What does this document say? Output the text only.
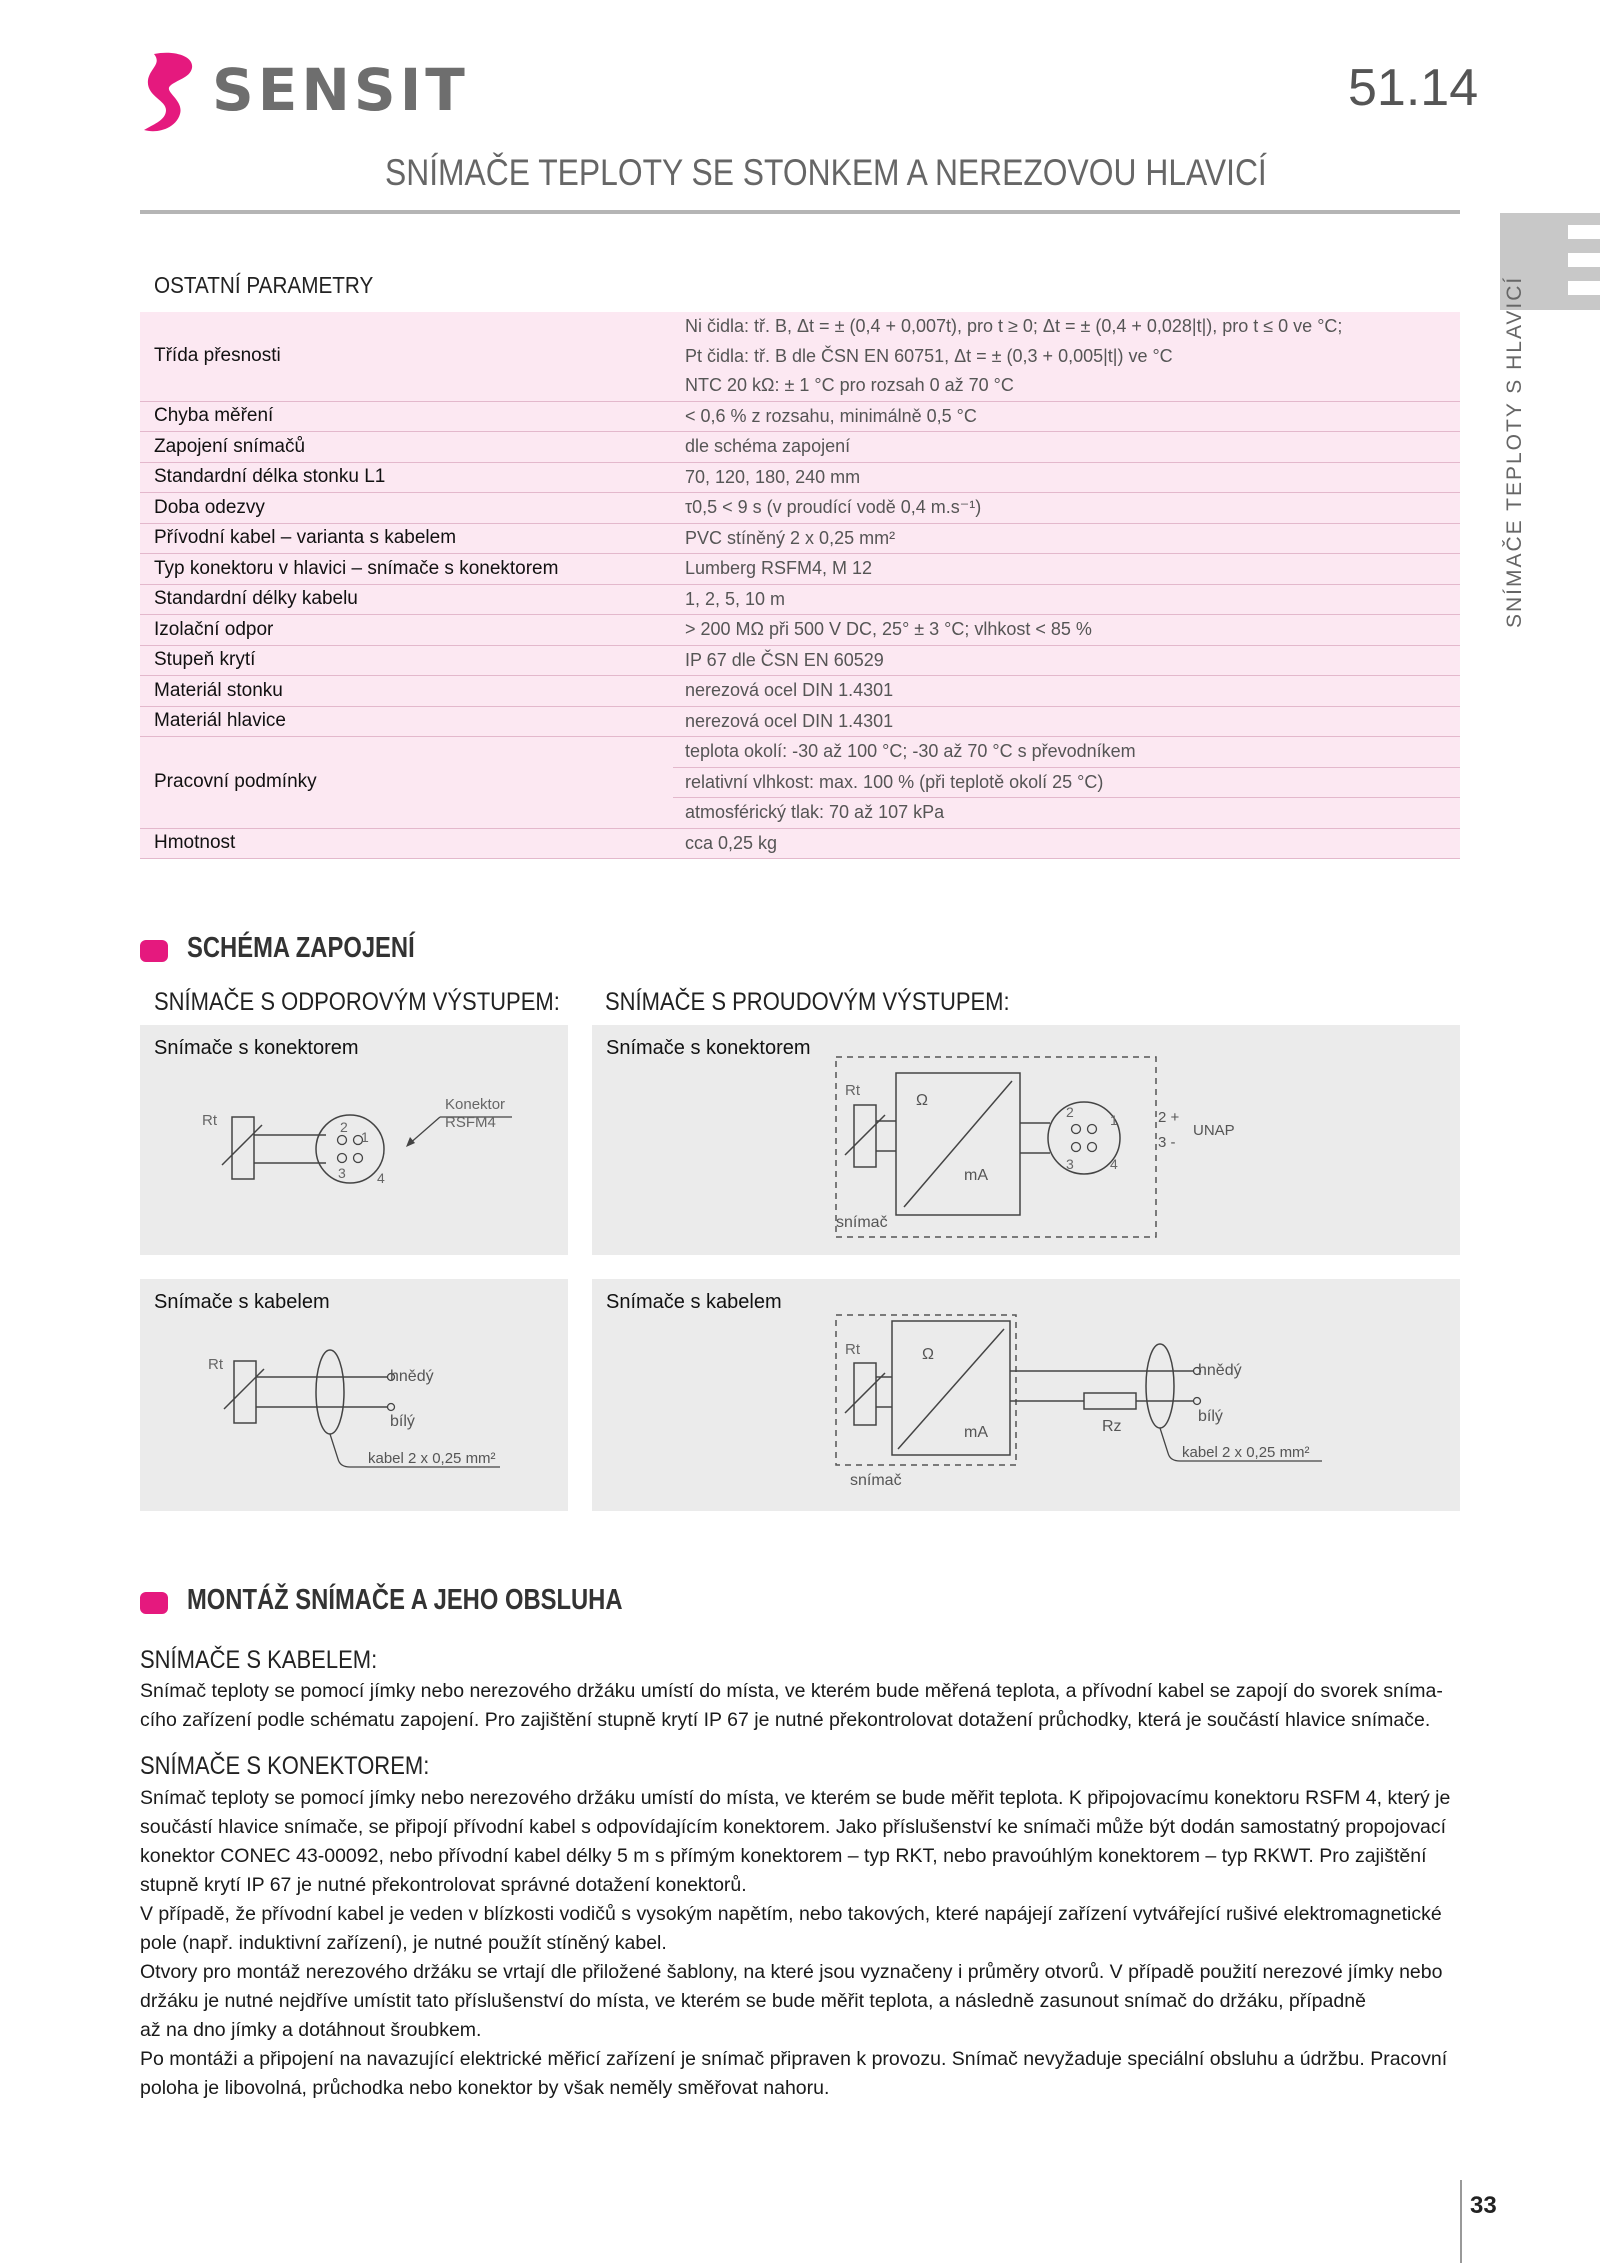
SENSIT	51.14
SNÍMAČE TEPLOTY SE STONKEM A NEREZOVOU HLAVICÍ
SNÍMAČE TEPLOTY S HLAVICÍ
OSTATNÍ PARAMETRY
Třída přesnosti	Ni čidla: tř. B, Δt = ± (0,4 + 0,007t), pro t ≥ 0; Δt = ± (0,4 + 0,028|t|), pro t ≤ 0 ve °C;
	Pt čidla: tř. B dle ČSN EN 60751, Δt = ± (0,3 + 0,005|t|) ve °C
	NTC 20 kΩ: ± 1 °C pro rozsah 0 až 70 °C
Chyba měření	< 0,6 % z rozsahu, minimálně 0,5 °C
Zapojení snímačů	dle schéma zapojení
Standardní délka stonku L1	70, 120, 180, 240 mm
Doba odezvy	τ0,5 < 9 s (v proudící vodě 0,4 m.s⁻¹)
Přívodní kabel – varianta s kabelem	PVC stíněný 2 x 0,25 mm²
Typ konektoru v hlavici – snímače s konektorem	Lumberg RSFM4, M 12
Standardní délky kabelu	1, 2, 5, 10 m
Izolační odpor	> 200 MΩ při 500 V DC, 25° ± 3 °C; vlhkost < 85 %
Stupeň krytí	IP 67 dle ČSN EN 60529
Materiál stonku	nerezová ocel DIN 1.4301
Materiál hlavice	nerezová ocel DIN 1.4301
Pracovní podmínky	teplota okolí: -30 až 100 °C; -30 až 70 °C s převodníkem
	relativní vlhkost: max. 100 % (při teplotě okolí 25 °C)
	atmosférický tlak: 70 až 107 kPa
Hmotnost	cca 0,25 kg
SCHÉMA ZAPOJENÍ
SNÍMAČE S ODPOROVÝM VÝSTUPEM: SNÍMAČE S PROUDOVÝM VÝSTUPEM:
Snímače s konektorem
Rt	2
1
3 4
Konektor
RSFM4
Snímače s konektorem
Rt
Ω
mA
2	1
3	4
2 +
3 -
UNAP
snímač
Snímače s kabelem
Rt
hnědý
bílý
kabel 2 x 0,25 mm²
Snímače s kabelem
Rt	Ω
mA	Rz
hnědý
bílý
kabel 2 x 0,25 mm²
snímač
MONTÁŽ SNÍMAČE A JEHO OBSLUHA
SNÍMAČE S KABELEM:

Snímač teploty se pomocí jímky nebo nerezového držáku umístí do místa, ve kterém bude měřená teplota, a přívodní kabel se zapojí do svorek sníma-

cího zařízení podle schématu zapojení. Pro zajištění stupně krytí IP 67 je nutné překontrolovat dotažení průchodky, která je součástí hlavice snímače.

SNÍMAČE S KONEKTOREM:

Snímač teploty se pomocí jímky nebo nerezového držáku umístí do místa, ve kterém se bude měřit teplota. K připojovacímu konektoru RSFM 4, který je

součástí hlavice snímače, se připojí přívodní kabel s odpovídajícím konektorem. Jako příslušenství ke snímači může být dodán samostatný propojovací

konektor CONEC 43-00092, nebo přívodní kabel délky 5 m s přímým konektorem – typ RKT, nebo pravoúhlým konektorem – typ RKWT. Pro zajištění

stupně krytí IP 67 je nutné překontrolovat správné dotažení konektorů.

V případě, že přívodní kabel je veden v blízkosti vodičů s vysokým napětím, nebo takových, které napájejí zařízení vytvářející rušivé elektromagnetické

pole (např. induktivní zařízení), je nutné použít stíněný kabel.

Otvory pro montáž nerezového držáku se vrtají dle přiložené šablony, na které jsou vyznačeny i průměry otvorů. V případě použití nerezové jímky nebo

držáku je nutné nejdříve umístit tato příslušenství do místa, ve kterém se bude měřit teplota, a následně zasunout snímač do držáku, případně

až na dno jímky a dotáhnout šroubkem.

Po montáži a připojení na navazující elektrické měřicí zařízení je snímač připraven k provozu. Snímač nevyžaduje speciální obsluhu a údržbu. Pracovní

poloha je libovolná, průchodka nebo konektor by však neměly směřovat nahoru.

33
